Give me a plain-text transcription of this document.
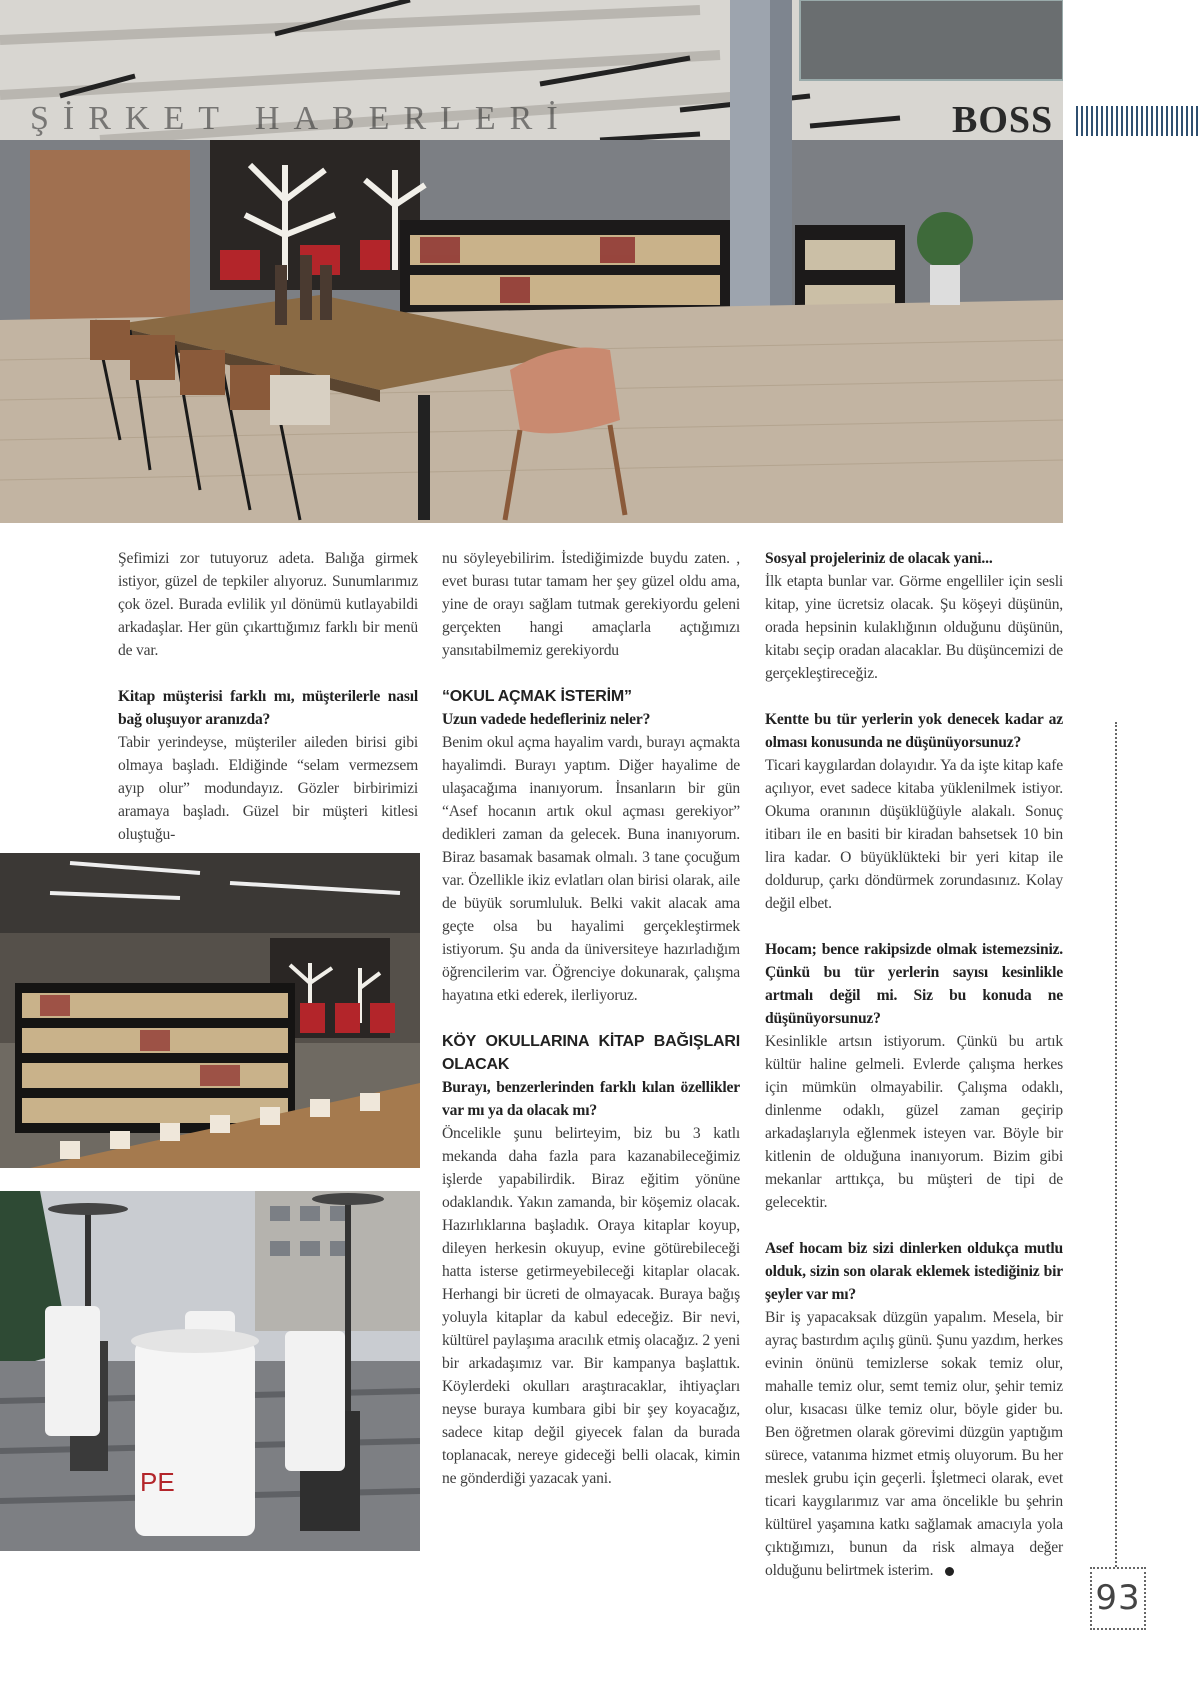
ŞİRKET HABERLERİ	BOSS
PE

Şefimizi zor tutuyoruz adeta. Balığa girmek istiyor, güzel de tepkiler alıyoruz. Sunumlarımız çok özel. Burada evlilik yıl dönümü kutlayabildi arkadaşlar. Her gün çıkarttığımız farklı bir menü de var.

Kitap müşterisi farklı mı, müşterilerle nasıl bağ oluşuyor aranızda?

Tabir yerindeyse, müşteriler aileden birisi gibi olmaya başladı. Eldiğinde “selam vermezsem ayıp olur” modundayız. Gözler birbirimizi aramaya başladı. Güzel bir müşteri kitlesi oluştuğu-

nu söyleyebilirim. İstediğimizde buydu zaten. , evet burası tutar tamam her şey güzel oldu ama, yine de orayı sağlam tutmak gerekiyordu geleni gerçekten hangi amaçlarla açtığımızı yansıtabilmemiz gerekiyordu

“OKUL AÇMAK İSTERİM”

Uzun vadede hedefleriniz neler?

Benim okul açma hayalim vardı, burayı açmakta hayalimdi. Burayı yaptım. Diğer hayalime de ulaşacağıma inanıyorum. İnsanların bir gün “Asef hocanın artık okul açması gerekiyor” dedikleri zaman da gelecek. Buna inanıyorum. Biraz basamak basamak olmalı. 3 tane çocuğum var. Özellikle ikiz evlatları olan birisi olarak, aile de büyük sorumluluk. Belki vakit alacak ama geçte olsa bu hayalimi gerçekleştirmek istiyorum. Şu anda da üniversiteye hazırladığım öğrencilerim var. Öğrenciye dokunarak, çalışma hayatına etki ederek, ilerliyoruz.

KÖY OKULLARINA KİTAP BAĞIŞLARI OLACAK

Burayı, benzerlerinden farklı kılan özellikler var mı ya da olacak mı?

Öncelikle şunu belirteyim, biz bu 3 katlı mekanda daha fazla para kazanabileceğimiz işlerde yapabilirdik. Biraz eğitim yönüne odaklandık. Yakın zamanda, bir köşemiz olacak. Hazırlıklarına başladık. Oraya kitaplar koyup, dileyen herkesin okuyup, evine götürebileceği hatta isterse getirmeyebileceği kitaplar olacak. Herhangi bir ücreti de olmayacak. Buraya bağış yoluyla kitaplar da kabul edeceğiz. Bir nevi, kültürel paylaşıma aracılık etmiş olacağız. 2 yeni bir arkadaşımız var. Bir kampanya başlattık. Köylerdeki okulları araştıracaklar, ihtiyaçları neyse buraya kumbara gibi bir şey koyacağız, sadece kitap değil giyecek falan da burada toplanacak, nereye gideceği belli olacak, kimin ne gönderdiği yazacak yani.

Sosyal projeleriniz de olacak yani...

İlk etapta bunlar var. Görme engelliler için sesli kitap, yine ücretsiz olacak. Şu köşeyi düşünün, orada hepsinin kulaklığının olduğunu düşünün, kitabı seçip oradan alacaklar. Bu düşüncemizi de gerçekleştireceğiz.

Kentte bu tür yerlerin yok denecek kadar az olması konusunda ne düşünüyorsunuz?

Ticari kaygılardan dolayıdır. Ya da işte kitap kafe açılıyor, evet sadece kitaba yüklenilmek istiyor. Okuma oranının düşüklüğüyle alakalı. Sonuç itibarı ile en basiti bir kiradan bahsetsek 10 bin lira kadar. O büyüklükteki bir yeri kitap ile doldurup, çarkı döndürmek zorundasınız. Kolay değil elbet.

Hocam; bence rakipsizde olmak istemezsiniz. Çünkü bu tür yerlerin sayısı kesinlikle artmalı değil mi. Siz bu konuda ne düşünüyorsunuz?

Kesinlikle artsın istiyorum. Çünkü bu artık kültür haline gelmeli. Evlerde çalışma herkes için mümkün olmayabilir. Çalışma odaklı, dinlenme odaklı, güzel zaman geçirip arkadaşlarıyla eğlenmek isteyen var. Böyle bir kitlenin de olduğuna inanıyorum. Bizim gibi mekanlar arttıkça, bu müşteri de tipi de gelecektir.

Asef hocam biz sizi dinlerken oldukça mutlu olduk, sizin son olarak eklemek istediğiniz bir şeyler var mı?

Bir iş yapacaksak düzgün yapalım. Mesela, bir ayraç bastırdım açılış günü. Şunu yazdım, herkes evinin önünü temizlerse sokak temiz olur, mahalle temiz olur, semt temiz olur, şehir temiz olur, kısacası ülke temiz olur, böyle gider bu. Ben öğretmen olarak görevimi düzgün yaptığım sürece, vatanıma hizmet etmiş oluyorum. Bu her meslek grubu için geçerli. İşletmeci olarak, evet ticari kaygılarımız var ama öncelikle bu şehrin kültürel yaşamına katkı sağlamak amacıyla yola çıktığımızı, bunun da risk almaya değer olduğunu belirtmek isterim.

93
